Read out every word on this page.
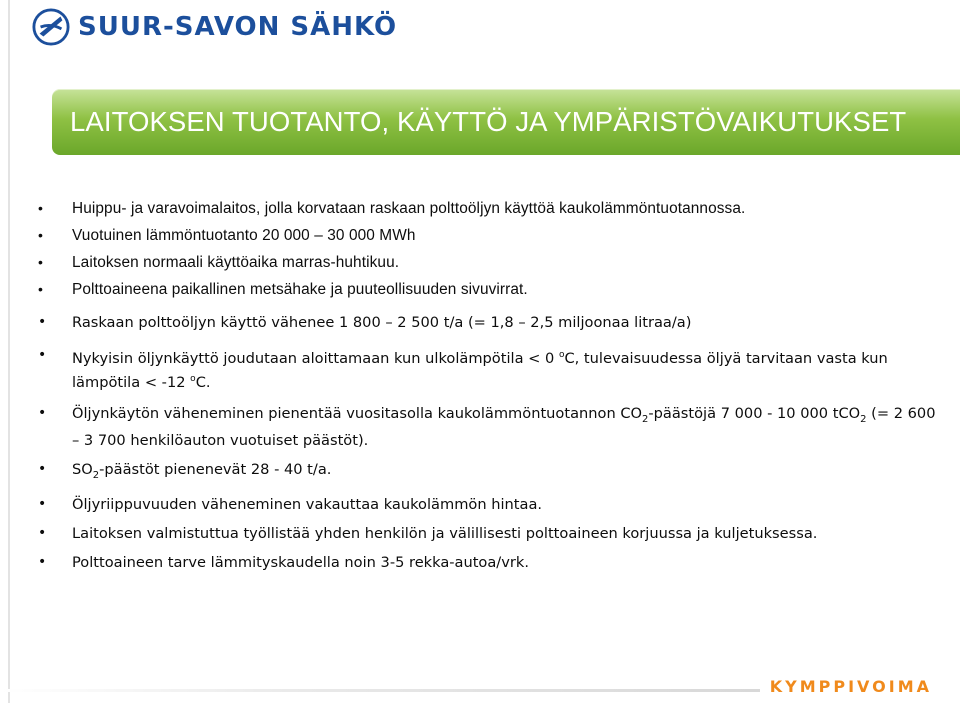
SUUR-SAVON SÄHKÖ
LAITOKSEN TUOTANTO, KÄYTTÖ JA YMPÄRISTÖVAIKUTUKSET
• Huippu- ja varavoimalaitos, jolla korvataan raskaan polttoöljyn käyttöä kaukolämmöntuotannossa.
• Vuotuinen lämmöntuotanto 20 000 – 30 000 MWh
• Laitoksen normaali käyttöaika marras-huhtikuu.
• Polttoaineena paikallinen metsähake ja puuteollisuuden sivuvirrat.
• Raskaan polttoöljyn käyttö vähenee 1 800 – 2 500 t/a (= 1,8 – 2,5 miljoonaa litraa/a)
• Nykyisin öljynkäyttö joudutaan aloittamaan kun ulkolämpötila < 0 $^o$C, tulevaisuudessa öljyä tarvitaan vasta kun lämpötila < -12 $^o$C.
• Öljynkäytön väheneminen pienentää vuositasolla kaukolämmöntuotannon $CO_2$-päästöjä 7 000 - 10 000 tCO$_2$ (= 2 600 – 3 700 henkilöauton vuotuiset päästöt).
• $SO_2$-päästöt pienenevät 28 - 40 t/a.
• Öljyriippuvuuden väheneminen vakauttaa kaukolämmön hintaa.
• Laitoksen valmistuttua työllistää yhden henkilön ja välillisesti polttoaineen korjuussa ja kuljetuksessa.
• Polttoaineen tarve lämmityskaudella noin 3-5 rekka-autoa/vrk.
KYMPPIVOIMA
